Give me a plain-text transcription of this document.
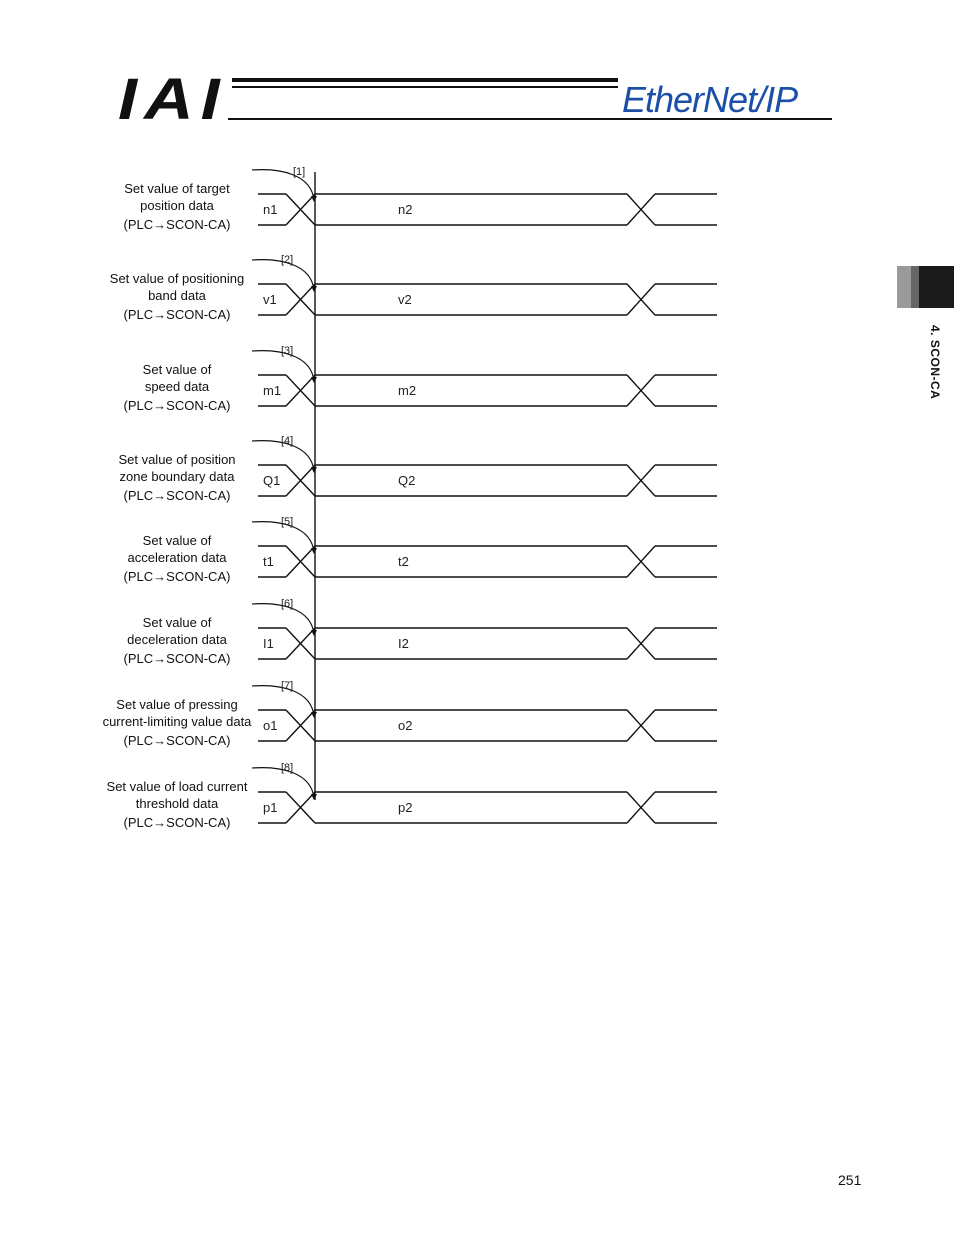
IAI	EtherNet/IP
4. SCON-CA
[1]
n1	n2
Set value of target
position data
(PLC→SCON-CA)
[2]
v1	v2
Set value of positioning
band data
(PLC→SCON-CA)
[3]
m1	m2
Set value of
speed data
(PLC→SCON-CA)
[4]
Q1	Q2
Set value of position
zone boundary data
(PLC→SCON-CA)
[5]
t1	t2
Set value of
acceleration data
(PLC→SCON-CA)
[6]
I1	I2
Set value of
deceleration data
(PLC→SCON-CA)
[7]
o1	o2
Set value of pressing
current-limiting value data
(PLC→SCON-CA)
[8]
p1	p2
Set value of load current
threshold data
(PLC→SCON-CA)
251
